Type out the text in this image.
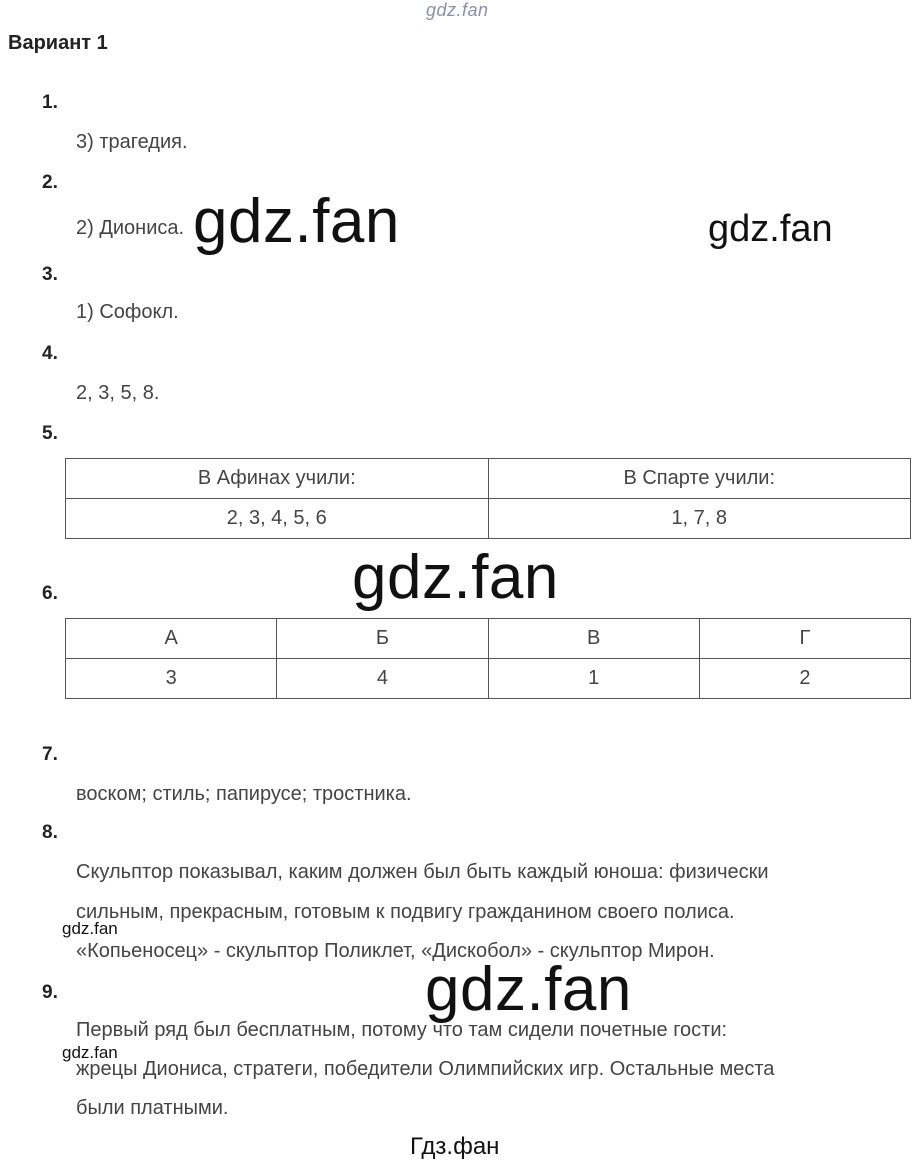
gdz.fan
Вариант 1
1.
3) трагедия.
2.
2) Диониса.
3.
1) Софокл.
4.
2, 3, 5, 8.
5.
В Афинах учили:	В Спарте учили:
2, 3, 4, 5, 6	1, 7, 8
6.
А	Б	В	Г
3	4	1	2
7.
воском; стиль; папирусе; тростника.
8.
Скульптор показывал, каким должен был быть каждый юноша: физически
сильным, прекрасным, готовым к подвигу гражданином своего полиса.
«Копьеносец» - скульптор Поликлет, «Дискобол» - скульптор Мирон.
9.
Первый ряд был бесплатным, потому что там сидели почетные гости:
жрецы Диониса, стратеги, победители Олимпийских игр. Остальные места
были платными.
gdz.fan	gdz.fan
gdz.fan
gdz.fan
gdz.fan
gdz.fan
Гдз.фан
